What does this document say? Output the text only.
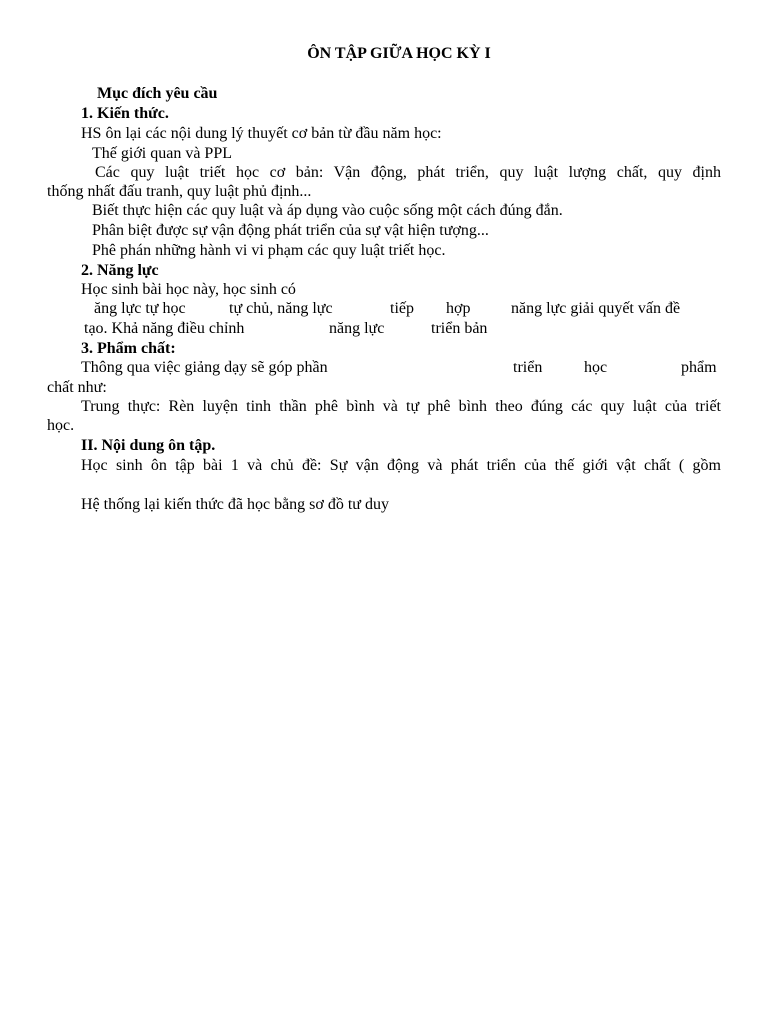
ÔN TẬP GIỮA HỌC KỲ I
Mục đích yêu cầu
1. Kiến thức.
HS ôn lại các nội dung lý thuyết cơ bản từ đầu năm học:
Thế giới quan và PPL
Các quy luật triết học cơ bản: Vận động, phát triển, quy luật lượng chất, quy định
thống nhất đấu tranh, quy luật phủ định...
Biết thực hiện các quy luật và áp dụng vào cuộc sống một cách đúng đắn.
Phân biệt được sự vận động phát triển của sự vật hiện tượng...
Phê phán những hành vi vi phạm các quy luật triết học.
2. Năng lực
Học sinh bài học này, học sinh có
ăng lực tự học	tự chủ, năng lực	tiếp hợp	năng lực giải quyết vấn đề
tạo. Khả năng điều chỉnh	năng lực	triển bản
3. Phẩm chất:
Thông qua việc giảng dạy sẽ góp phần	triển	học	phẩm
chất như:
Trung thực: Rèn luyện tinh thần phê bình và tự phê bình theo đúng các quy luật của triết
học.
II. Nội dung ôn tập.
Học sinh ôn tập bài 1 và chủ đề: Sự vận động và phát triển của thế giới vật chất ( gồm
Hệ thống lại kiến thức đã học bằng sơ đồ tư duy
